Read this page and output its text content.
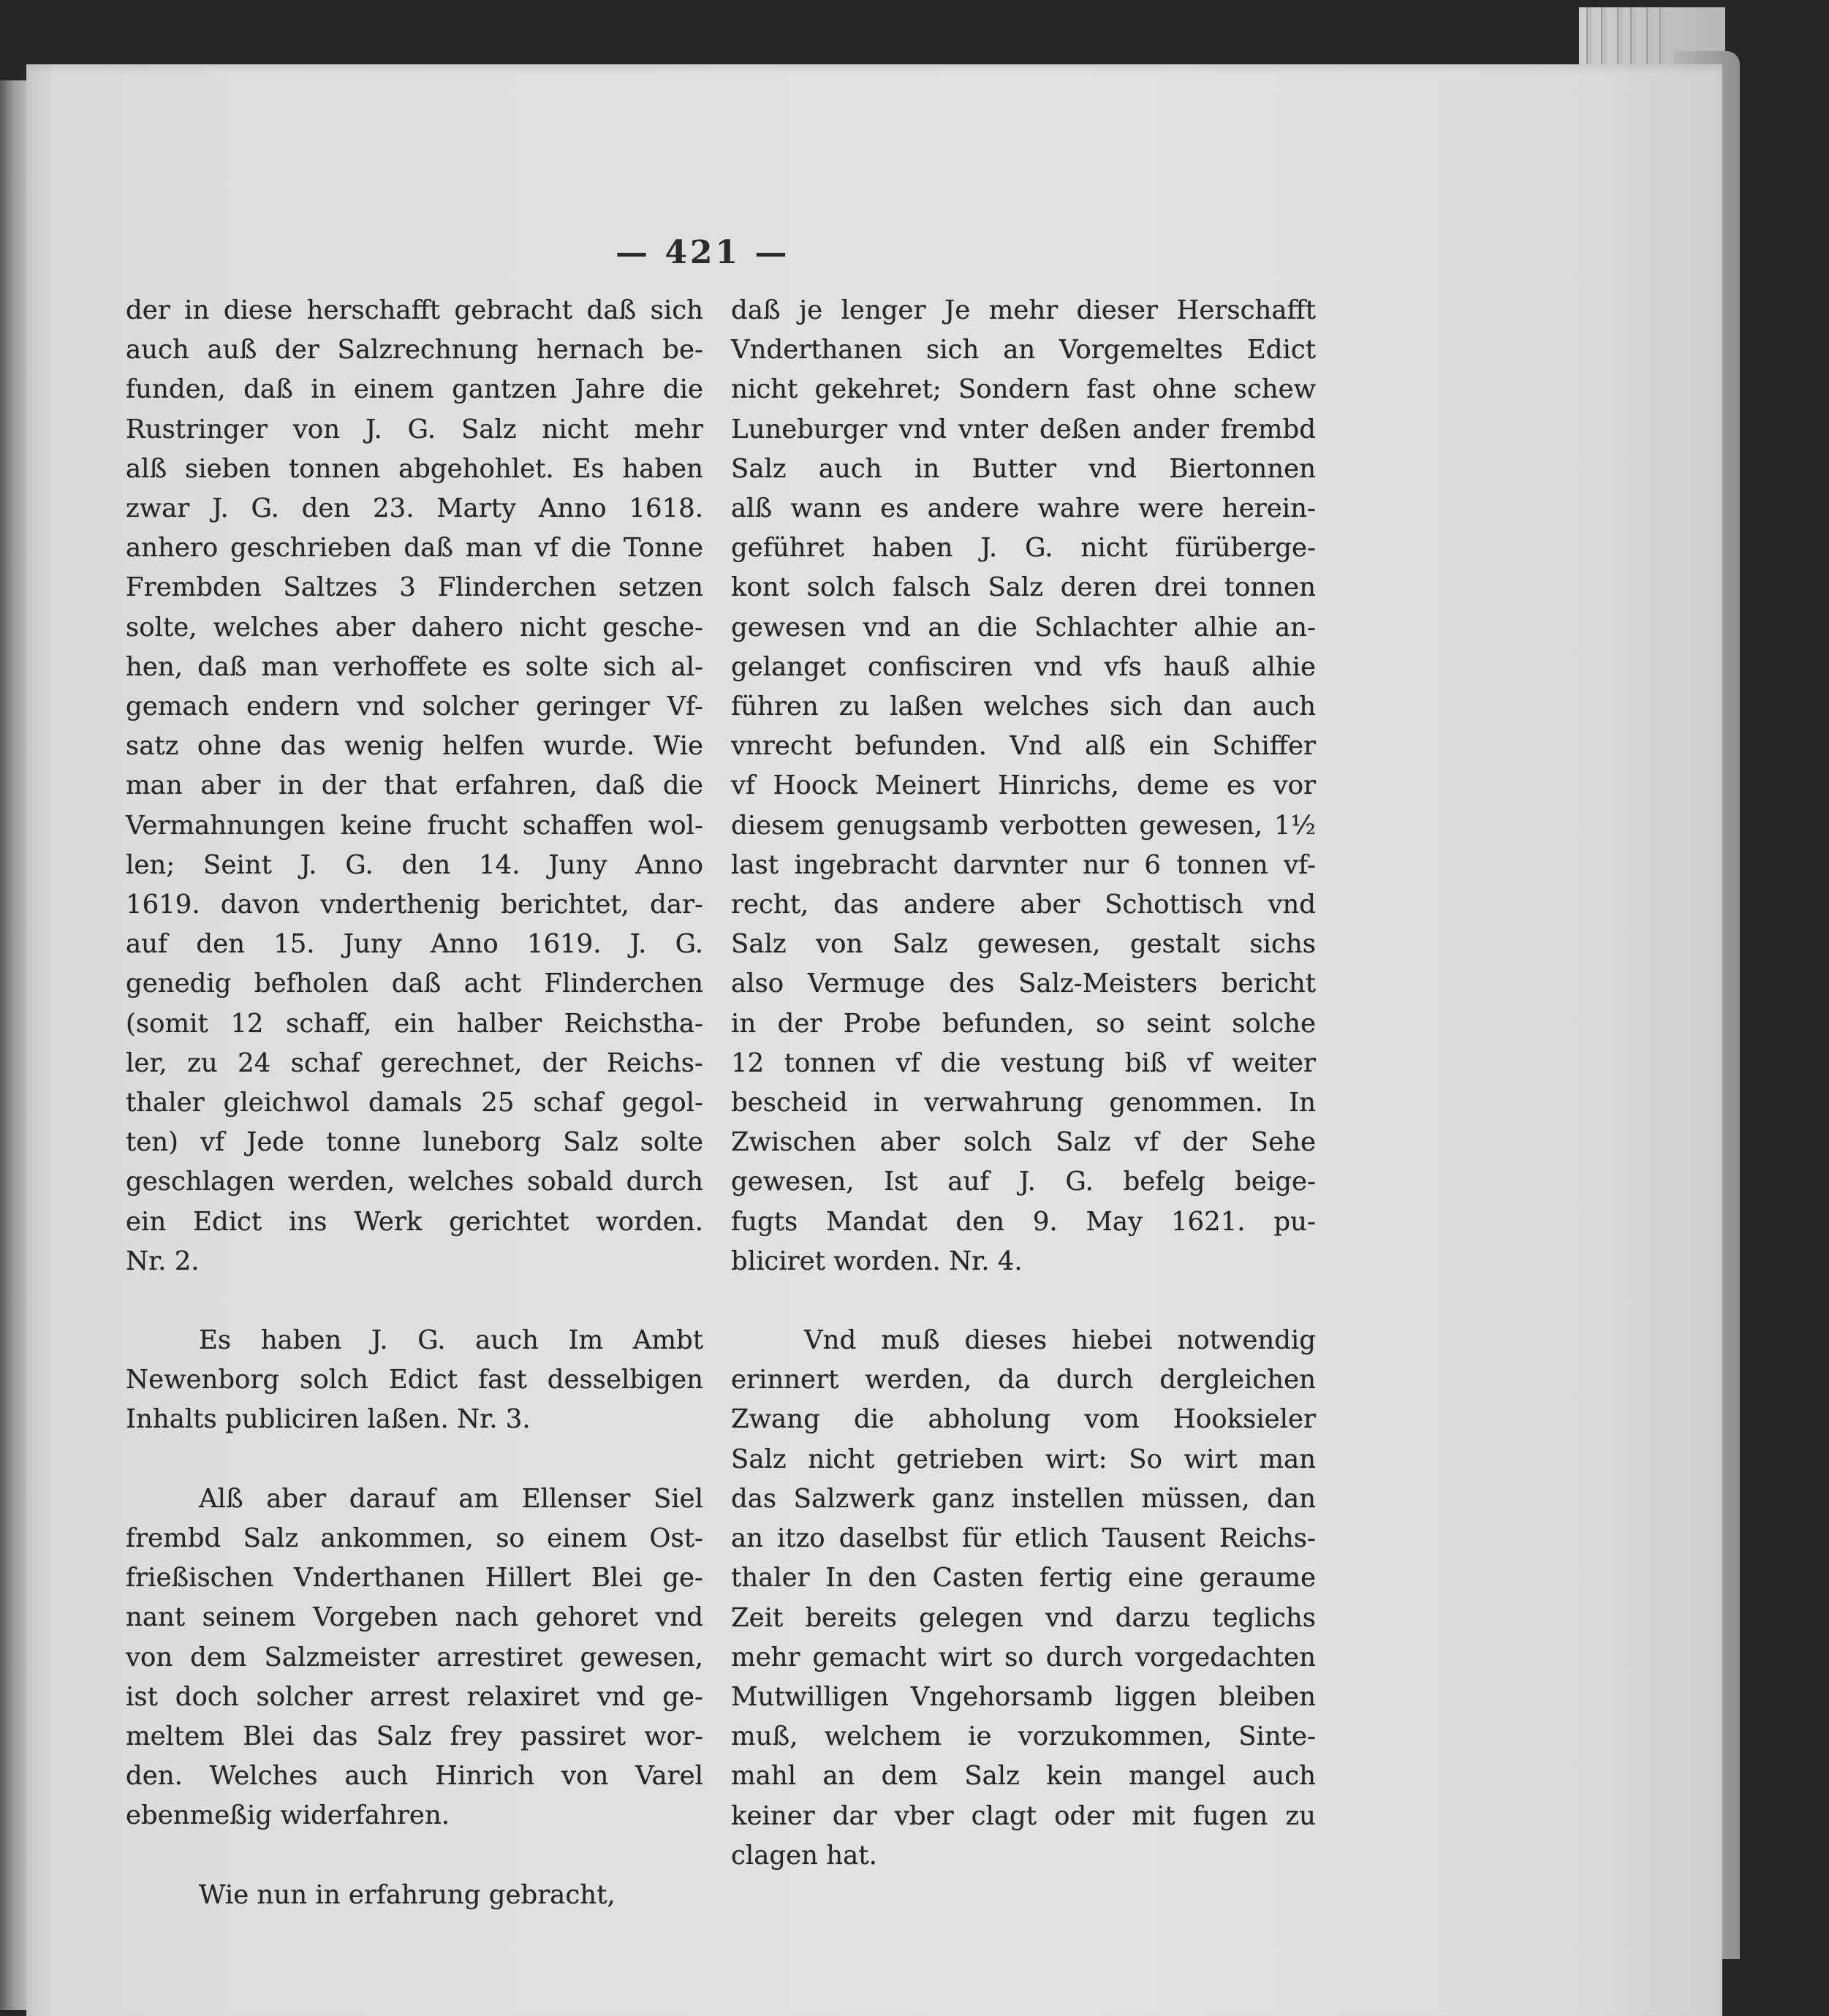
— 421 —
der in diese herschafft gebracht daß sich
auch auß der Salzrechnung hernach be-
funden, daß in einem gantzen Jahre die
Rustringer von J. G. Salz nicht mehr
alß sieben tonnen abgehohlet. Es haben
zwar J. G. den 23. Marty Anno 1618.
anhero geschrieben daß man vf die Tonne
Frembden Saltzes 3 Flinderchen setzen
solte, welches aber dahero nicht gesche-
hen, daß man verhoffete es solte sich al-
gemach endern vnd solcher geringer Vf-
satz ohne das wenig helfen wurde. Wie
man aber in der that erfahren, daß die
Vermahnungen keine frucht schaffen wol-
len; Seint J. G. den 14. Juny Anno
1619. davon vnderthenig berichtet, dar-
auf den 15. Juny Anno 1619. J. G.
genedig befholen daß acht Flinderchen
(somit 12 schaff, ein halber Reichstha-
ler, zu 24 schaf gerechnet, der Reichs-
thaler gleichwol damals 25 schaf gegol-
ten) vf Jede tonne luneborg Salz solte
geschlagen werden, welches sobald durch
ein Edict ins Werk gerichtet worden.
Nr. 2.
Es haben J. G. auch Im Ambt
Newenborg solch Edict fast desselbigen
Inhalts publiciren laßen. Nr. 3.
Alß aber darauf am Ellenser Siel
frembd Salz ankommen, so einem Ost-
frießischen Vnderthanen Hillert Blei ge-
nant seinem Vorgeben nach gehoret vnd
von dem Salzmeister arrestiret gewesen,
ist doch solcher arrest relaxiret vnd ge-
meltem Blei das Salz frey passiret wor-
den. Welches auch Hinrich von Varel
ebenmeßig widerfahren.
Wie nun in erfahrung gebracht,
daß je lenger Je mehr dieser Herschafft
Vnderthanen sich an Vorgemeltes Edict
nicht gekehret; Sondern fast ohne schew
Luneburger vnd vnter deßen ander frembd
Salz auch in Butter vnd Biertonnen
alß wann es andere wahre were herein-
geführet haben J. G. nicht fürüberge-
kont solch falsch Salz deren drei tonnen
gewesen vnd an die Schlachter alhie an-
gelanget confisciren vnd vfs hauß alhie
führen zu laßen welches sich dan auch
vnrecht befunden. Vnd alß ein Schiffer
vf Hoock Meinert Hinrichs, deme es vor
diesem genugsamb verbotten gewesen, 1½
last ingebracht darvnter nur 6 tonnen vf-
recht, das andere aber Schottisch vnd
Salz von Salz gewesen, gestalt sichs
also Vermuge des Salz-Meisters bericht
in der Probe befunden, so seint solche
12 tonnen vf die vestung biß vf weiter
bescheid in verwahrung genommen. In
Zwischen aber solch Salz vf der Sehe
gewesen, Ist auf J. G. befelg beige-
fugts Mandat den 9. May 1621. pu-
bliciret worden. Nr. 4.
Vnd muß dieses hiebei notwendig
erinnert werden, da durch dergleichen
Zwang die abholung vom Hooksieler
Salz nicht getrieben wirt: So wirt man
das Salzwerk ganz instellen müssen, dan
an itzo daselbst für etlich Tausent Reichs-
thaler In den Casten fertig eine geraume
Zeit bereits gelegen vnd darzu teglichs
mehr gemacht wirt so durch vorgedachten
Mutwilligen Vngehorsamb liggen bleiben
muß, welchem ie vorzukommen, Sinte-
mahl an dem Salz kein mangel auch
keiner dar vber clagt oder mit fugen zu
clagen hat.
